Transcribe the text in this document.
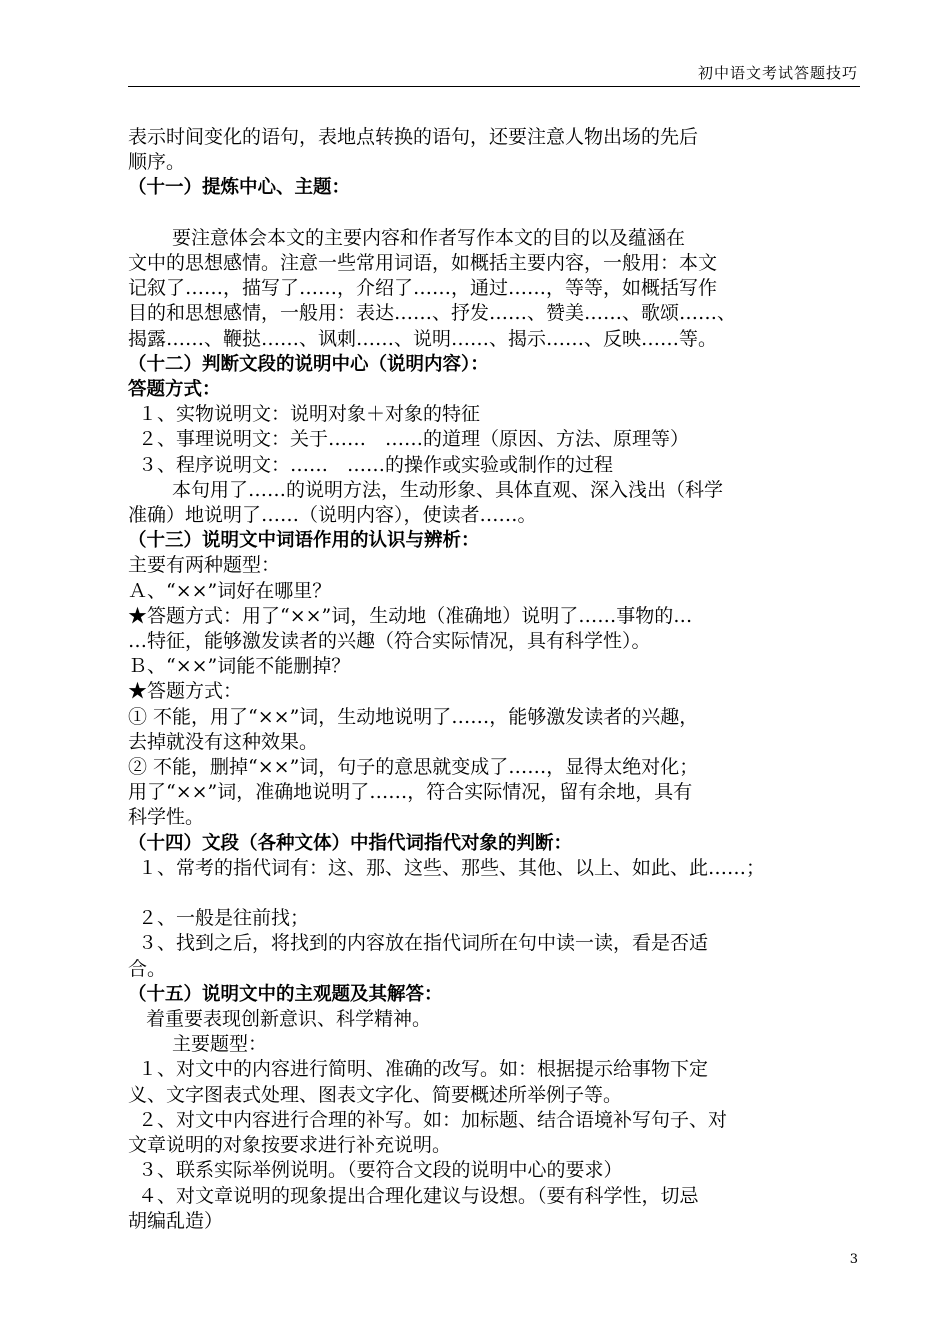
初中语文考试答题技巧

表示时间变化的语句，表地点转换的语句，还要注意人物出场的先后

顺序。

（十一）提炼中心、主题：

要注意体会本文的主要内容和作者写作本文的目的以及蕴涵在

文中的思想感情。注意一些常用词语，如概括主要内容，一般用：本文

记叙了……，描写了……，介绍了……，通过……，等等，如概括写作

目的和思想感情，一般用：表达……、抒发……、赞美……、歌颂……、

揭露……、鞭挞……、讽刺……、说明……、揭示……、反映……等。

（十二）判断文段的说明中心（说明内容）：

答题方式：

１、实物说明文：说明对象＋对象的特征

２、事理说明文：关于……　……的道理（原因、方法、原理等）

３、程序说明文：……　……的操作或实验或制作的过程

本句用了……的说明方法，生动形象、具体直观、深入浅出（科学

准确）地说明了……（说明内容），使读者……。

（十三）说明文中词语作用的认识与辨析：

主要有两种题型：

Ａ、“××”词好在哪里？

★答题方式：用了“××”词，生动地（准确地）说明了……事物的…

…特征，能够激发读者的兴趣（符合实际情况，具有科学性）。

Ｂ、“××”词能不能删掉？

★答题方式：

① 不能，用了“××”词，生动地说明了……，能够激发读者的兴趣，

去掉就没有这种效果。

② 不能，删掉“××”词，句子的意思就变成了……，显得太绝对化；

用了“××”词，准确地说明了……，符合实际情况，留有余地，具有

科学性。

（十四）文段（各种文体）中指代词指代对象的判断：

１、常考的指代词有：这、那、这些、那些、其他、以上、如此、此……；

２、一般是往前找；

３、找到之后，将找到的内容放在指代词所在句中读一读，看是否适

合。

（十五）说明文中的主观题及其解答：

着重要表现创新意识、科学精神。

主要题型：

１、对文中的内容进行简明、准确的改写。如：根据提示给事物下定

义、文字图表式处理、图表文字化、简要概述所举例子等。

２、对文中内容进行合理的补写。如：加标题、结合语境补写句子、对

文章说明的对象按要求进行补充说明。

３、联系实际举例说明。（要符合文段的说明中心的要求）

４、对文章说明的现象提出合理化建议与设想。（要有科学性，切忌

胡编乱造）

3
